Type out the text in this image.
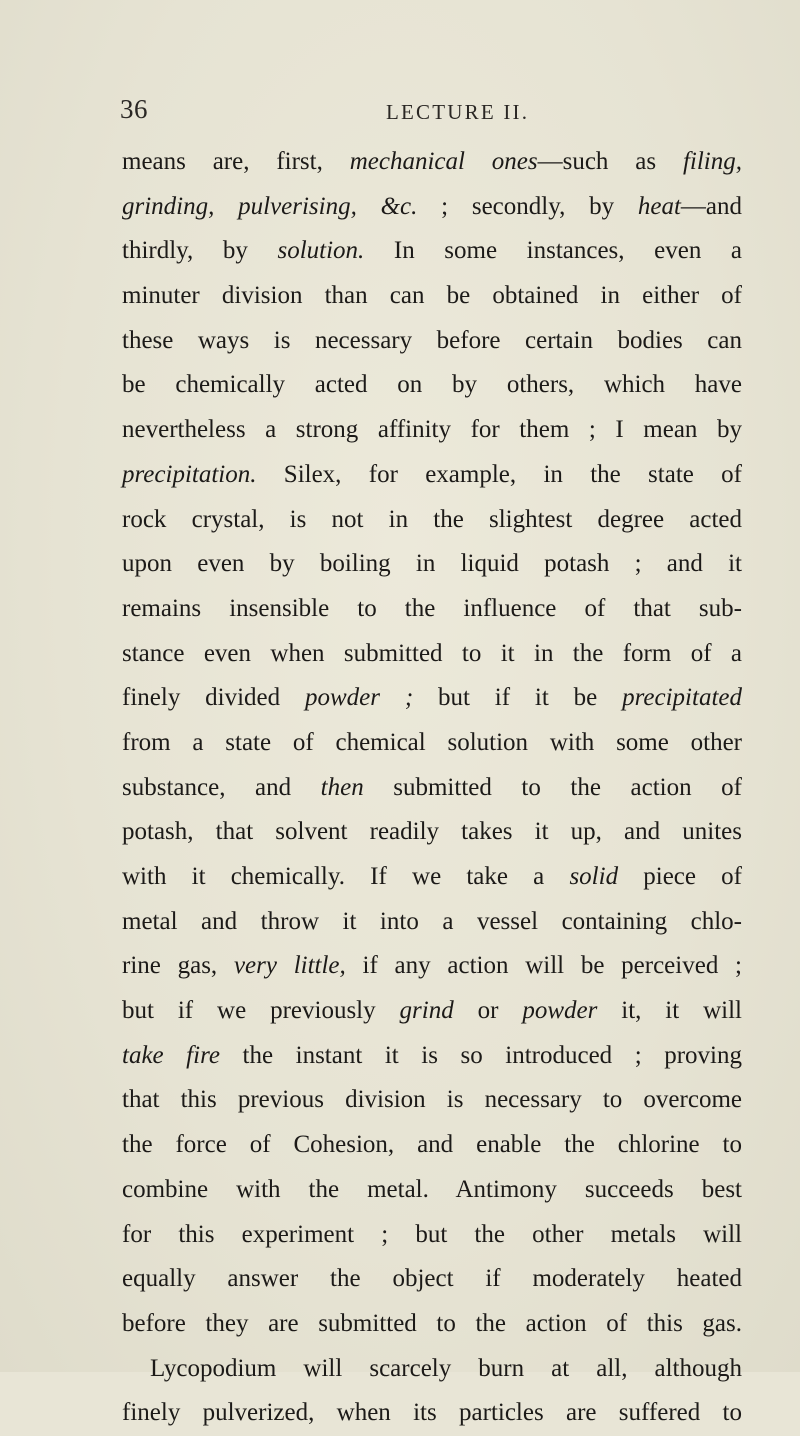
36	LECTURE II.
means are, first, mechanical ones—such as filing,
grinding, pulverising, &c. ; secondly, by heat—and
thirdly, by solution. In some instances, even a
minuter division than can be obtained in either of
these ways is necessary before certain bodies can
be chemically acted on by others, which have
nevertheless a strong affinity for them ; I mean by
precipitation. Silex, for example, in the state of
rock crystal, is not in the slightest degree acted
upon even by boiling in liquid potash ; and it
remains insensible to the influence of that sub-
stance even when submitted to it in the form of a
finely divided powder ; but if it be precipitated
from a state of chemical solution with some other
substance, and then submitted to the action of
potash, that solvent readily takes it up, and unites
with it chemically. If we take a solid piece of
metal and throw it into a vessel containing chlo-
rine gas, very little, if any action will be perceived ;
but if we previously grind or powder it, it will
take fire the instant it is so introduced ; proving
that this previous division is necessary to overcome
the force of Cohesion, and enable the chlorine to
combine with the metal. Antimony succeeds best
for this experiment ; but the other metals will
equally answer the object if moderately heated
before they are submitted to the action of this gas.
Lycopodium will scarcely burn at all, although
finely pulverized, when its particles are suffered to
